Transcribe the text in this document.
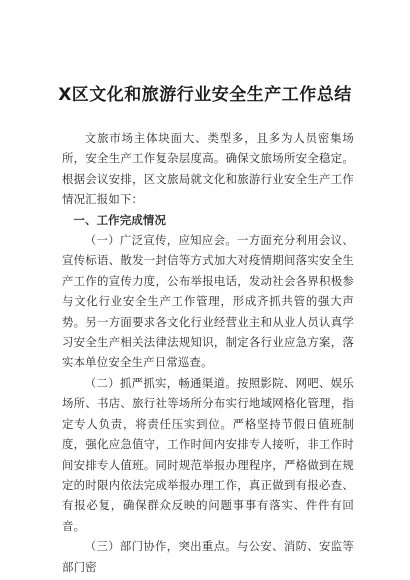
X区文化和旅游行业安全生产工作总结

文旅市场主体块面大、类型多，且多为人员密集场所，安全生产工作复杂层度高。确保文旅场所安全稳定。根据会议安排，区文旅局就文化和旅游行业安全生产工作情况汇报如下：

一、工作完成情况

（一）广泛宣传，应知应会。一方面充分利用会议、宣传标语、散发一封信等方式加大对疫情期间落实安全生产工作的宣传力度，公布举报电话，发动社会各界积极参与文化行业安全生产工作管理，形成齐抓共管的强大声势。另一方面要求各文化行业经营业主和从业人员认真学习安全生产相关法律法规知识，制定各行业应急方案，落实本单位安全生产日常巡查。

（二）抓严抓实，畅通渠道。按照影院、网吧、娱乐场所、书店、旅行社等场所分布实行地域网格化管理，指定专人负责，将责任压实到位。严格坚持节假日值班制度，强化应急值守，工作时间内安排专人接听，非工作时间安排专人值班。同时规范举报办理程序，严格做到在规定的时限内依法完成举报办理工作，真正做到有报必查、有报必复，确保群众反映的问题事事有落实、件件有回音。

（三）部门协作，突出重点。与公安、消防、安监等部门密
